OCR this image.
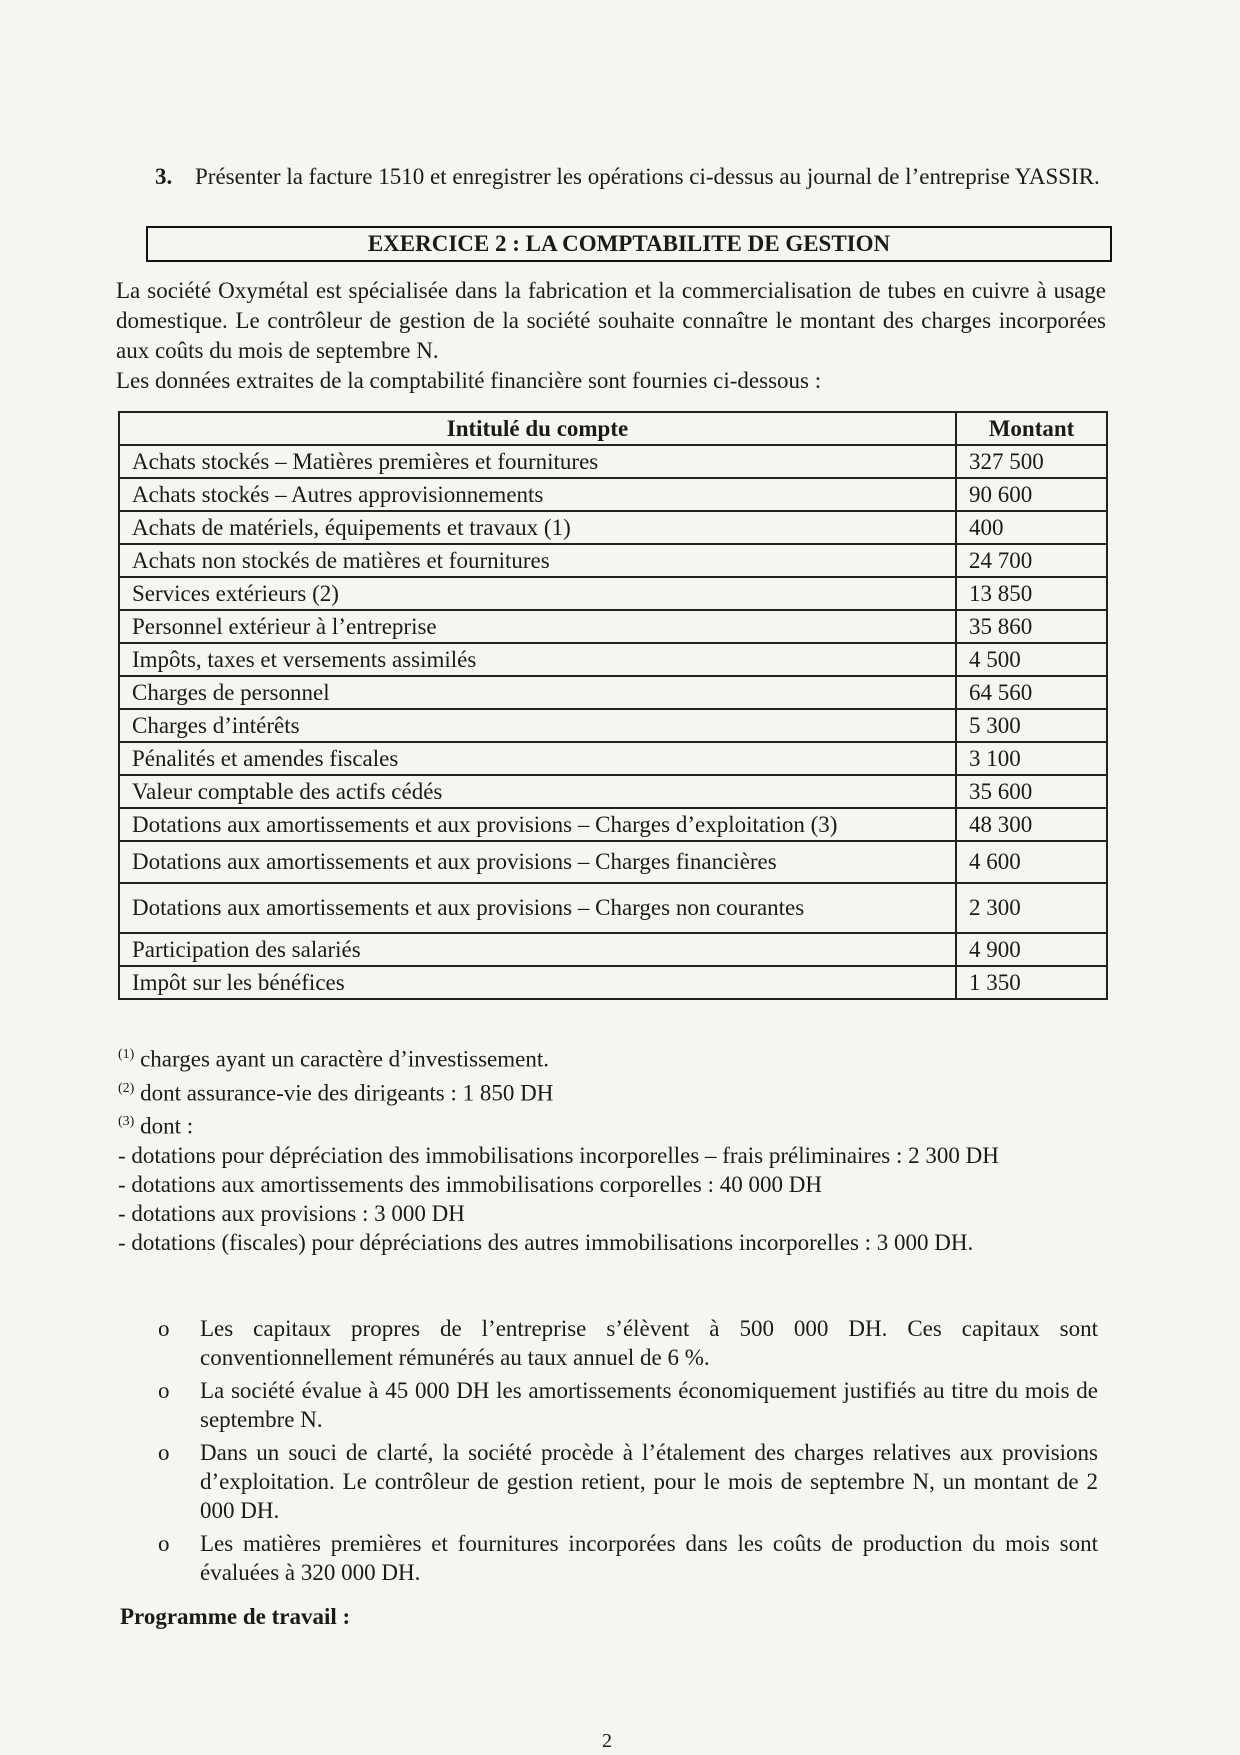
3. Présenter la facture 1510 et enregistrer les opérations ci-dessus au journal de l’entreprise YASSIR.
EXERCICE 2 : LA COMPTABILITE DE GESTION

La société Oxymétal est spécialisée dans la fabrication et la commercialisation de tubes en cuivre à usage domestique. Le contrôleur de gestion de la société souhaite connaître le montant des charges incorporées aux coûts du mois de septembre N.

Les données extraites de la comptabilité financière sont fournies ci-dessous :

Intitulé du compte	Montant
Achats stockés – Matières premières et fournitures	327 500
Achats stockés – Autres approvisionnements	90 600
Achats de matériels, équipements et travaux (1)	400
Achats non stockés de matières et fournitures	24 700
Services extérieurs (2)	13 850
Personnel extérieur à l’entreprise	35 860
Impôts, taxes et versements assimilés	4 500
Charges de personnel	64 560
Charges d’intérêts	5 300
Pénalités et amendes fiscales	3 100
Valeur comptable des actifs cédés	35 600
Dotations aux amortissements et aux provisions – Charges d’exploitation (3)	48 300
Dotations aux amortissements et aux provisions – Charges financières	4 600
Dotations aux amortissements et aux provisions – Charges non courantes	2 300
Participation des salariés	4 900
Impôt sur les bénéfices	1 350

$^{(1)}$ charges ayant un caractère d’investissement.

$^{(2)}$ dont assurance-vie des dirigeants : 1 850 DH

$^{(3)}$ dont :

- dotations pour dépréciation des immobilisations incorporelles – frais préliminaires : 2 300 DH

- dotations aux amortissements des immobilisations corporelles : 40 000 DH

- dotations aux provisions : 3 000 DH

- dotations (fiscales) pour dépréciations des autres immobilisations incorporelles : 3 000 DH.

o Les capitaux propres de l’entreprise s’élèvent à 500 000 DH. Ces capitaux sont conventionnellement rémunérés au taux annuel de 6 %.
o La société évalue à 45 000 DH les amortissements économiquement justifiés au titre du mois de septembre N.
o Dans un souci de clarté, la société procède à l’étalement des charges relatives aux provisions d’exploitation. Le contrôleur de gestion retient, pour le mois de septembre N, un montant de 2 000 DH.
o Les matières premières et fournitures incorporées dans les coûts de production du mois sont évaluées à 320 000 DH.
Programme de travail :
2
